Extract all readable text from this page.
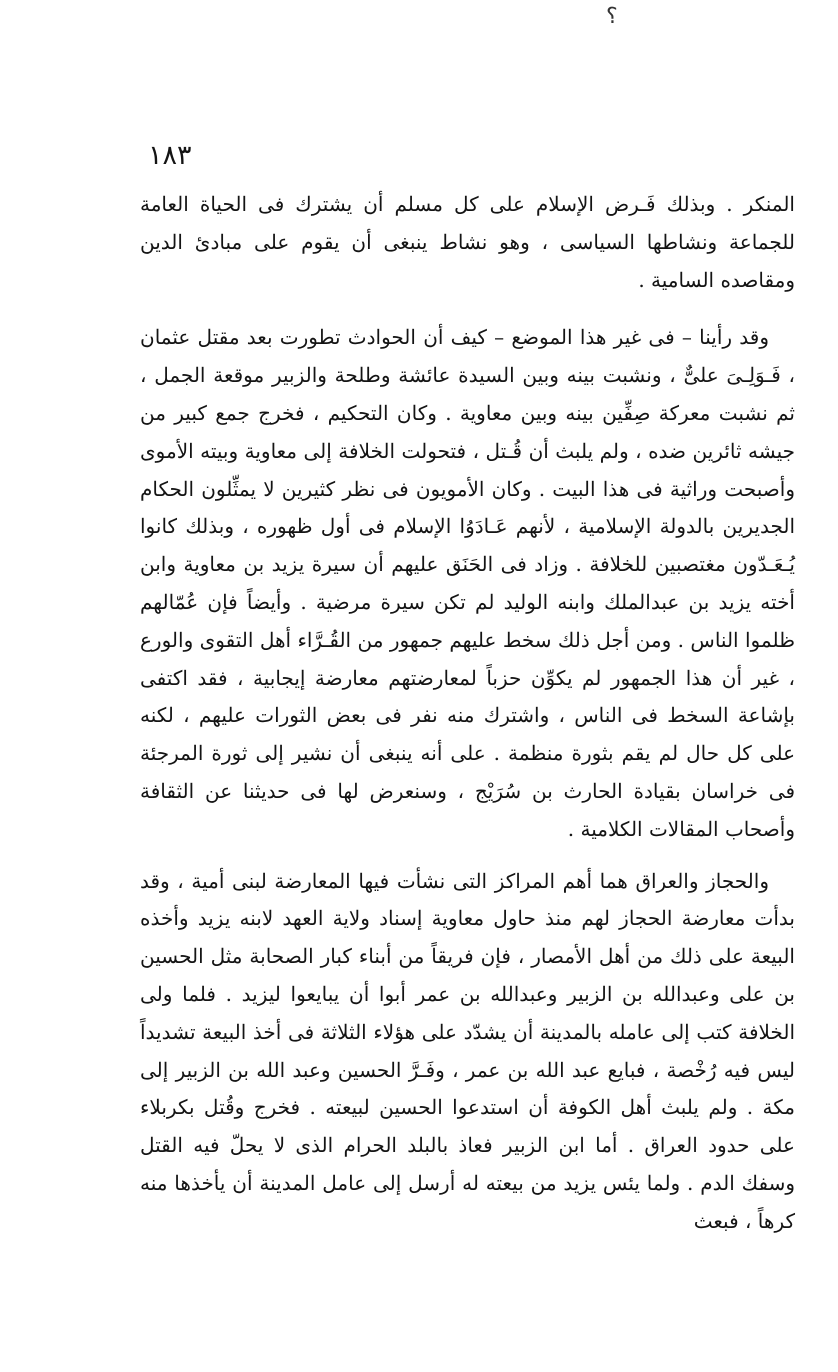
؟
١٨٣

المنكر . وبذلك فَـرض الإسلام على كل مسلم أن يشترك فى الحياة العامة للجماعة ونشاطها السياسى ، وهو نشاط ينبغى أن يقوم على مبادئ الدين ومقاصده السامية .

وقد رأينا – فى غير هذا الموضع – كيف أن الحوادث تطورت بعد مقتل عثمان ، فَـوَلِـىَ علىٌّ ، ونشبت بينه وبين السيدة عائشة وطلحة والزبير موقعة الجمل ، ثم نشبت معركة صِفِّين بينه وبين معاوية . وكان التحكيم ، فخرج جمع كبير من جيشه ثائرين ضده ، ولم يلبث أن قُـتل ، فتحولت الخلافة إلى معاوية وبيته الأموى وأصبحت وراثية فى هذا البيت . وكان الأمويون فى نظر كثيرين لا يمثِّلون الحكام الجديرين بالدولة الإسلامية ، لأنهم عَـادَوُا الإسلام فى أول ظهوره ، وبذلك كانوا يُـعَـدّون مغتصبين للخلافة . وزاد فى الحَنَق عليهم أن سيرة يزيد بن معاوية وابن أخته يزيد بن عبدالملك وابنه الوليد لم تكن سيرة مرضية . وأيضاً فإن عُمّالهم ظلموا الناس . ومن أجل ذلك سخط عليهم جمهور من القُـرَّاء أهل التقوى والورع ، غير أن هذا الجمهور لم يكوِّن حزباً لمعارضتهم معارضة إيجابية ، فقد اكتفى بإشاعة السخط فى الناس ، واشترك منه نفر فى بعض الثورات عليهم ، لكنه على كل حال لم يقم بثورة منظمة . على أنه ينبغى أن نشير إلى ثورة المرجئة فى خراسان بقيادة الحارث بن سُرَيْج ، وسنعرض لها فى حديثنا عن الثقافة وأصحاب المقالات الكلامية .

والحجاز والعراق هما أهم المراكز التى نشأت فيها المعارضة لبنى أمية ، وقد بدأت معارضة الحجاز لهم منذ حاول معاوية إسناد ولاية العهد لابنه يزيد وأخذه البيعة على ذلك من أهل الأمصار ، فإن فريقاً من أبناء كبار الصحابة مثل الحسين بن على وعبدالله بن الزبير وعبدالله بن عمر أبوا أن يبايعوا ليزيد . فلما ولى الخلافة كتب إلى عامله بالمدينة أن يشدّد على هؤلاء الثلاثة فى أخذ البيعة تشديداً ليس فيه رُخْصة ، فبايع عبد الله بن عمر ، وفَـرَّ الحسين وعبد الله بن الزبير إلى مكة . ولم يلبث أهل الكوفة أن استدعوا الحسين لبيعته . فخرج وقُتل بكربلاء على حدود العراق . أما ابن الزبير فعاذ بالبلد الحرام الذى لا يحلّ فيه القتل وسفك الدم . ولما يئس يزيد من بيعته له أرسل إلى عامل المدينة أن يأخذها منه كرهاً ، فبعث
